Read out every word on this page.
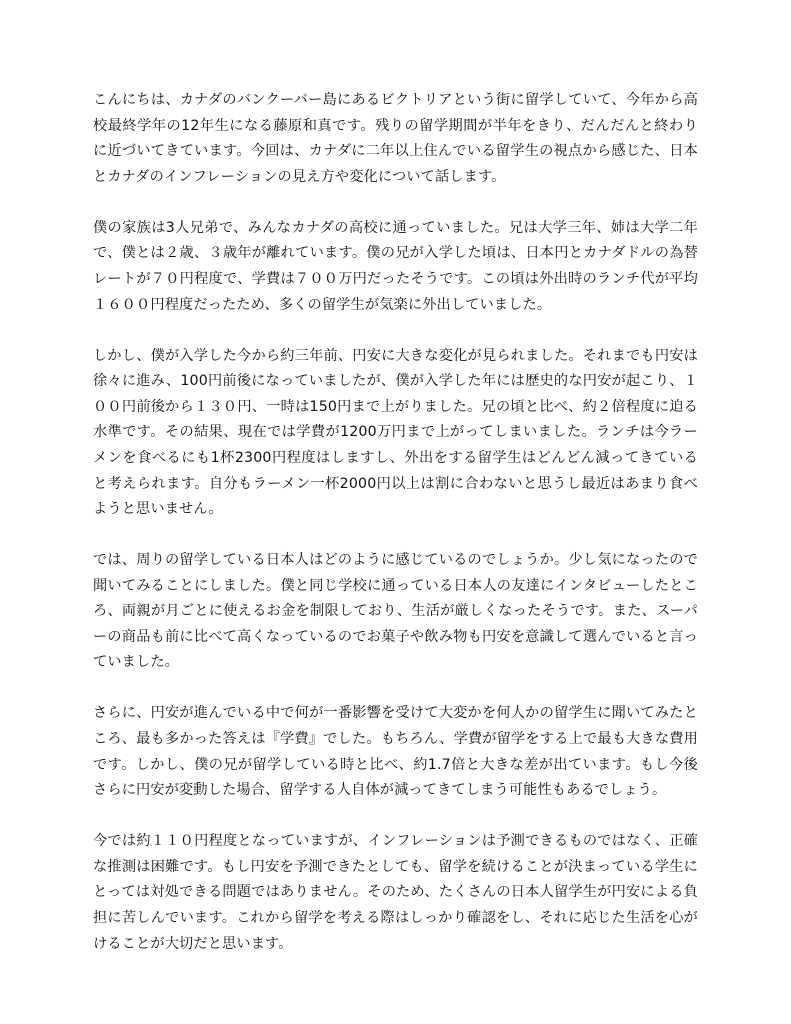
こんにちは、カナダのバンクーバー島にあるビクトリアという街に留学していて、今年から高校最終学年の12年生になる藤原和真です。残りの留学期間が半年をきり、だんだんと終わりに近づいてきています。今回は、カナダに二年以上住んでいる留学生の視点から感じた、日本とカナダのインフレーションの見え方や変化について話します。

僕の家族は3人兄弟で、みんなカナダの高校に通っていました。兄は大学三年、姉は大学二年で、僕とは２歳、３歳年が離れています。僕の兄が入学した頃は、日本円とカナダドルの為替レートが７０円程度で、学費は７００万円だったそうです。この頃は外出時のランチ代が平均１６００円程度だったため、多くの留学生が気楽に外出していました。

しかし、僕が入学した今から約三年前、円安に大きな変化が見られました。それまでも円安は徐々に進み、100円前後になっていましたが、僕が入学した年には歴史的な円安が起こり、１００円前後から１３０円、一時は150円まで上がりました。兄の頃と比べ、約２倍程度に迫る水準です。その結果、現在では学費が1200万円まで上がってしまいました。ランチは今ラーメンを食べるにも1杯2300円程度はしますし、外出をする留学生はどんどん減ってきていると考えられます。自分もラーメン一杯2000円以上は割に合わないと思うし最近はあまり食べようと思いません。

では、周りの留学している日本人はどのように感じているのでしょうか。少し気になったので聞いてみることにしました。僕と同じ学校に通っている日本人の友達にインタビューしたところ、両親が月ごとに使えるお金を制限しており、生活が厳しくなったそうです。また、スーパーの商品も前に比べて高くなっているのでお菓子や飲み物も円安を意識して選んでいると言っていました。

さらに、円安が進んでいる中で何が一番影響を受けて大変かを何人かの留学生に聞いてみたところ、最も多かった答えは『学費』でした。もちろん、学費が留学をする上で最も大きな費用です。しかし、僕の兄が留学している時と比べ、約1.7倍と大きな差が出ています。もし今後さらに円安が変動した場合、留学する人自体が減ってきてしまう可能性もあるでしょう。

今では約１１０円程度となっていますが、インフレーションは予測できるものではなく、正確な推測は困難です。もし円安を予測できたとしても、留学を続けることが決まっている学生にとっては対処できる問題ではありません。そのため、たくさんの日本人留学生が円安による負担に苦しんでいます。これから留学を考える際はしっかり確認をし、それに応じた生活を心がけることが大切だと思います。
